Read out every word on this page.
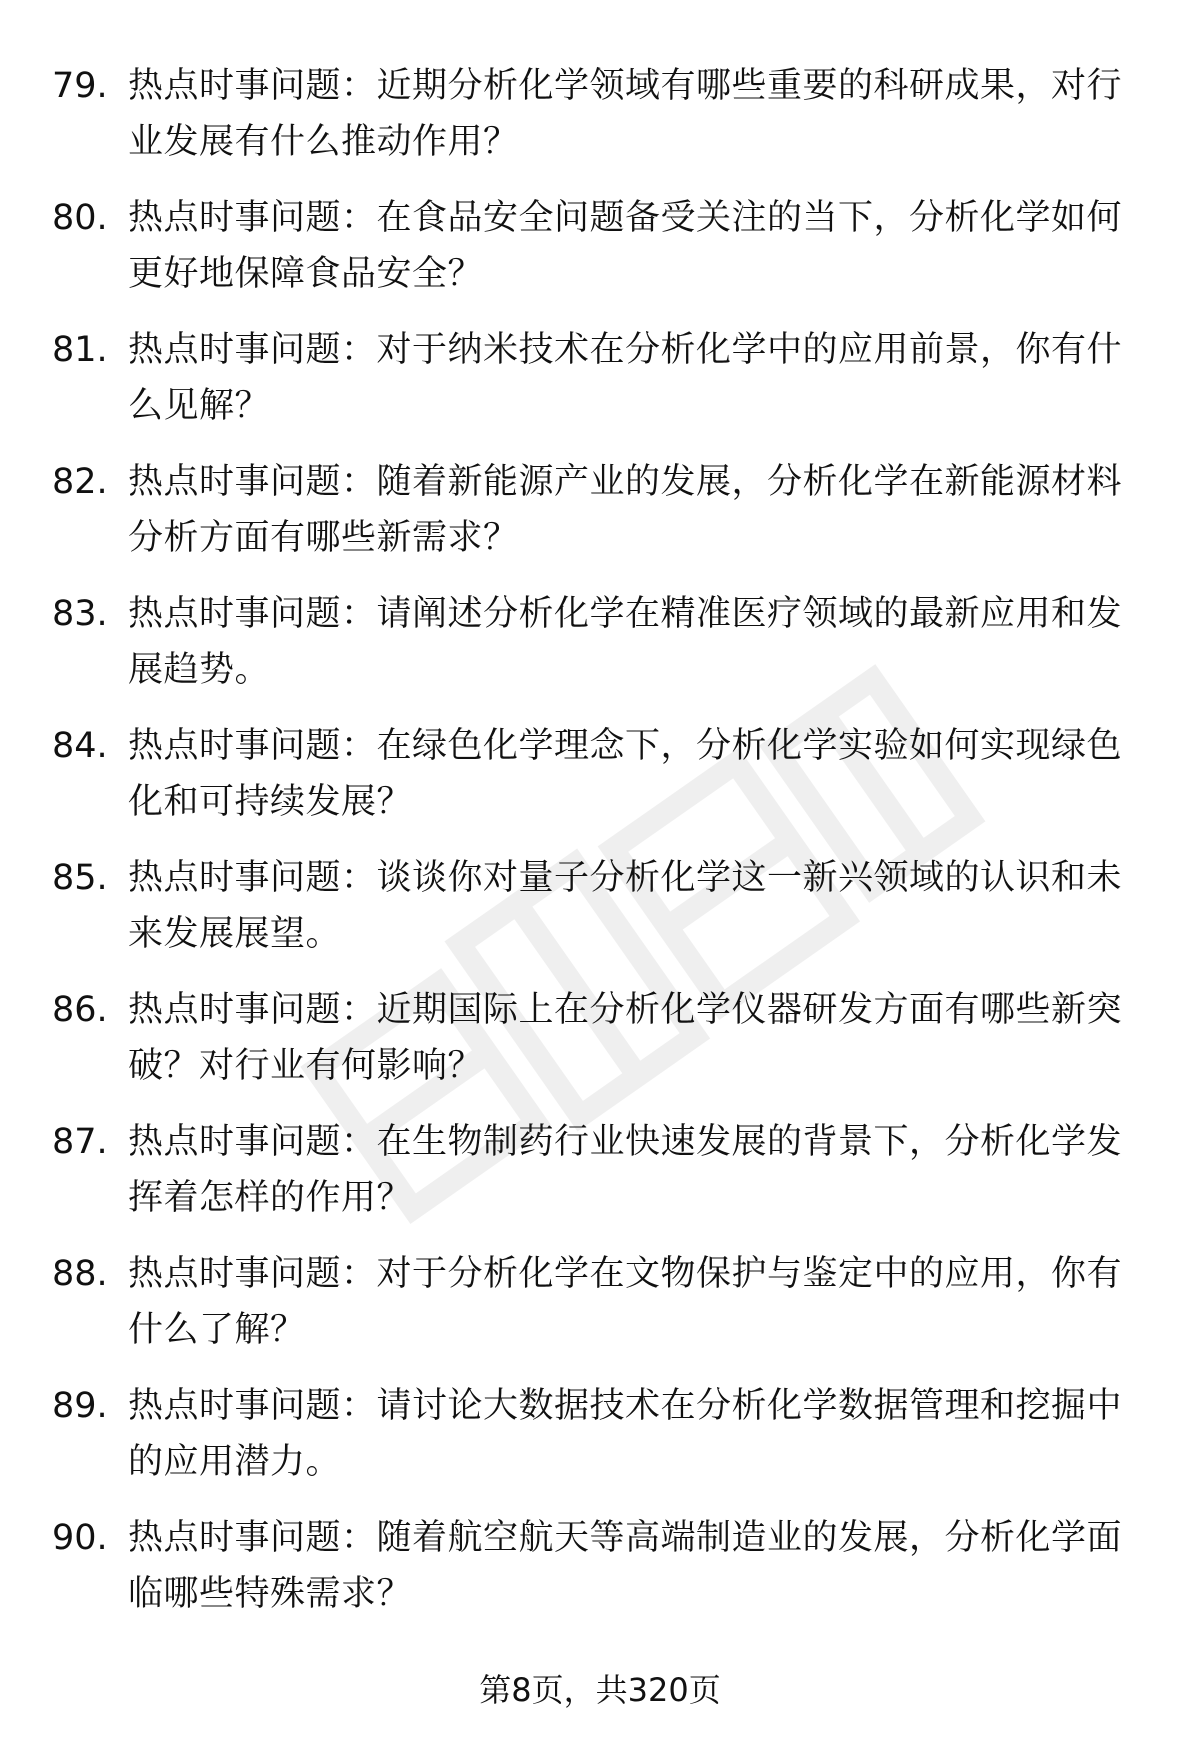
79. 热点时事问题：近期分析化学领域有哪些重要的科研成果，对行业发展有什么推动作用？
80. 热点时事问题：在食品安全问题备受关注的当下，分析化学如何更好地保障食品安全？
81. 热点时事问题：对于纳米技术在分析化学中的应用前景，你有什么见解？
82. 热点时事问题：随着新能源产业的发展，分析化学在新能源材料分析方面有哪些新需求？
83. 热点时事问题：请阐述分析化学在精准医疗领域的最新应用和发展趋势。
84. 热点时事问题：在绿色化学理念下，分析化学实验如何实现绿色化和可持续发展？
85. 热点时事问题：谈谈你对量子分析化学这一新兴领域的认识和未来发展展望。
86. 热点时事问题：近期国际上在分析化学仪器研发方面有哪些新突破？对行业有何影响？
87. 热点时事问题：在生物制药行业快速发展的背景下，分析化学发挥着怎样的作用？
88. 热点时事问题：对于分析化学在文物保护与鉴定中的应用，你有什么了解？
89. 热点时事问题：请讨论大数据技术在分析化学数据管理和挖掘中的应用潜力。
90. 热点时事问题：随着航空航天等高端制造业的发展，分析化学面临哪些特殊需求？
第8页，共320页
